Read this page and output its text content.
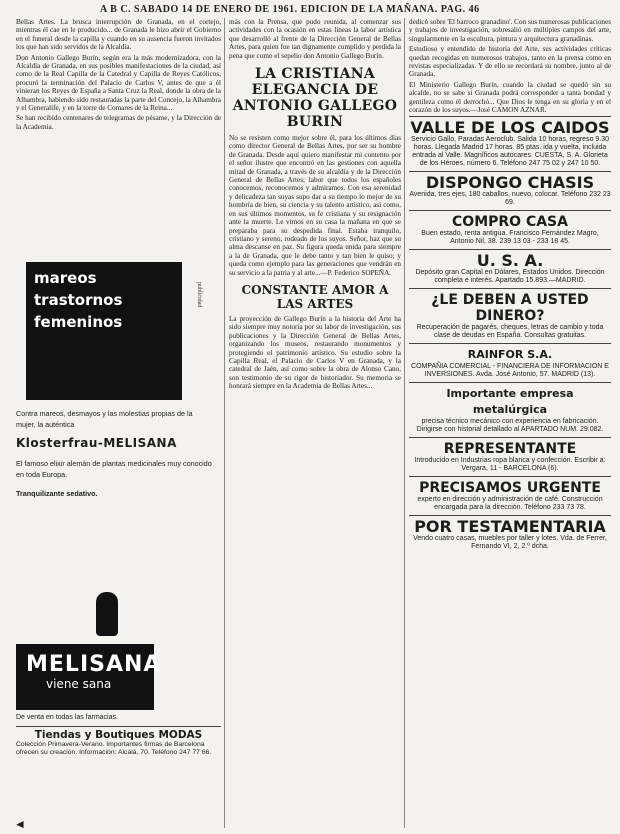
A B C. SABADO 14 DE ENERO DE 1961. EDICION DE LA MAÑANA. PAG. 46

Bellas Artes. La brusca interrupción de Granada, en el cortejo, mientras él cae en le producido... de Granada le hizo abrir el Gobierno en el funeral desde la capilla y cuando en su ausencia fueron invitados los que han sido servidos de la Alcaldía.

Don Antonio Gallego Burín, según era la más modernizadora, con la Alcaldía de Granada, en sus posibles manifestaciones de la ciudad, así como de la Real Capilla de la Catedral y Capilla de Reyes Católicos, procuró la terminación del Palacio de Carlos V, antes de que a él vinieran los Reyes de España a Santa Cruz la Real, donde la obra de la Alhambra, habiendo sido restauradas la parte del Concejo, la Alhambra y el Generalife, y en la torre de Comares de la Reina...

Se han recibido centenares de telegramas de pésame, y la Dirección de la Academia.

mareos
trastornos
femeninos
publicidad
Contra mareos, desmayos y las molestias propias de la mujer, la auténtica
Klosterfrau-MELISANA
El famoso elixir alemán de plantas medicinales muy conocido en toda Europa.
Tranquilizante sedativo.
MELISANA
viene sana
De venta en todas las farmacias.
Tiendas y Boutiques MODAS
Colección Primavera-Verano. Importantes firmas de Barcelona ofrecen su creación. Información: Alcalá, 70. Teléfono 247 77 66.

más con la Prensa, que pudo reunida, al comenzar sus actividades con la ocasión en estas líneas la labor artística que desarrolló al frente de la Dirección General de Bellas Artes, para quien fue tan dignamente cumplido y perdida la pena que como el sepelio don Antonio Gallego Burín.

LA CRISTIANA ELEGANCIA DE ANTONIO GALLEGO BURIN

No se resisten como mejor sobre él, para los últimos días como director General de Bellas Artes, por ser su hombre de Granada. Desde aquí quiero manifestar mi contento por el señor ilustre que encontró en las gestiones con aquella mitad de Granada, a través de su alcaldía y de la Dirección General de Bellas Artes; labor que todos los españoles conocemos, reconocemos y admiramos. Con esa serenidad y delicadeza tan suyas supo dar a su tiempo lo mejor de su hombría de bien, su ciencia y su talento artístico, así como, en sus últimos momentos, su fe cristiana y su resignación ante la muerte. Le vimos en su casa la mañana en que se preparaba para su despedida final. Estaba tranquilo, cristiano y sereno, rodeado de los suyos. Señor, haz que su alma descanse en paz. Su figura queda unida para siempre a la de Granada, que le debe tanto y tan bien le quiso; y queda como ejemplo para las generaciones que vendrán en su servicio a la patria y al arte...—P. Federico SOPEÑA.

CONSTANTE AMOR A LAS ARTES

La proyección de Gallego Burín a la historia del Arte ha sido siempre muy notoria por su labor de investigación, sus publicaciones y la Dirección General de Bellas Artes, organizando los museos, restaurando monumentos y protegiendo el patrimonio artístico. Su estudio sobre la Capilla Real, el Palacio de Carlos V en Granada, y la catedral de Jaén, así como sobre la obra de Alonso Cano, son testimonio de su rigor de historiador. Su memoria se honrará siempre en la Academia de Bellas Artes...

dedicó sobre 'El barroco granadino'. Con sus numerosas publicaciones y trabajos de investigación, sobresalió en múltiples campos del arte, singularmente en la escultura, pintura y arquitectura granadinas.

Estudioso y entendido de historia del Arte, sus actividades críticas quedan recogidas en numerosos trabajos, tanto en la prensa como en revistas especializadas. Y de ello se recordará su nombre, junto al de Granada.

El Ministerio Gallego Burín, cuando la ciudad se quedó sin su alcalde, no se sabe si Granada podrá corresponder a tanta bondad y gentileza como él derrochó... Que Dios le tenga en su gloria y en el corazón de los suyos.—José CAMON AZNAR.

VALLE DE LOS CAIDOS
Servicio Gallo, Paradas Aeroclub. Salida 10 horas, regreso 9.30 horas. Llegada Madrid 17 horas. 85 ptas. ida y vuelta, incluida entrada al Valle. Magníficos autocares. CUESTA, S. A. Glorieta de los Héroes, número 6. Teléfono 247 75 02 y 247 10 50.
DISPONGO CHASIS
Avenida, tres ejes, 180 caballos, nuevo, colocar. Teléfono 232 23 69.
COMPRO CASA
Buen estado, renta antigua. Francisco Fernández Magro, Antonio Nil, 38. 239 13 03 - 233 18 45.
U. S. A.
Depósito gran Capital en Dólares, Estados Unidos. Dirección completa e interés. Apartado 15.893.—MADRID.
¿LE DEBEN A USTED DINERO?
Recuperación de pagarés, cheques, letras de cambio y toda clase de deudas en España. Consultas gratuitas.
RAINFOR S.A.
COMPAÑIA COMERCIAL - FINANCIERA DE INFORMACION E INVERSIONES. Avda. José Antonio, 57. MADRID (13).
Importante empresa metalúrgica
precisa técnico mecánico con experiencia en fabricación. Dirigirse con historial detallado al APARTADO NUM. 29.082.
REPRESENTANTE
Introducido en Industrias ropa blanca y confección. Escribir a: Vergara, 11 - BARCELONA (6).
PRECISAMOS URGENTE
experto en dirección y administración de café. Construcción encargada para la dirección. Teléfono 233 73 78.
POR TESTAMENTARIA
Vendo cuatro casas, muebles por taller y lotes. Vda. de Ferrer, Fernando VI, 2, 2.º dcha.
◄
